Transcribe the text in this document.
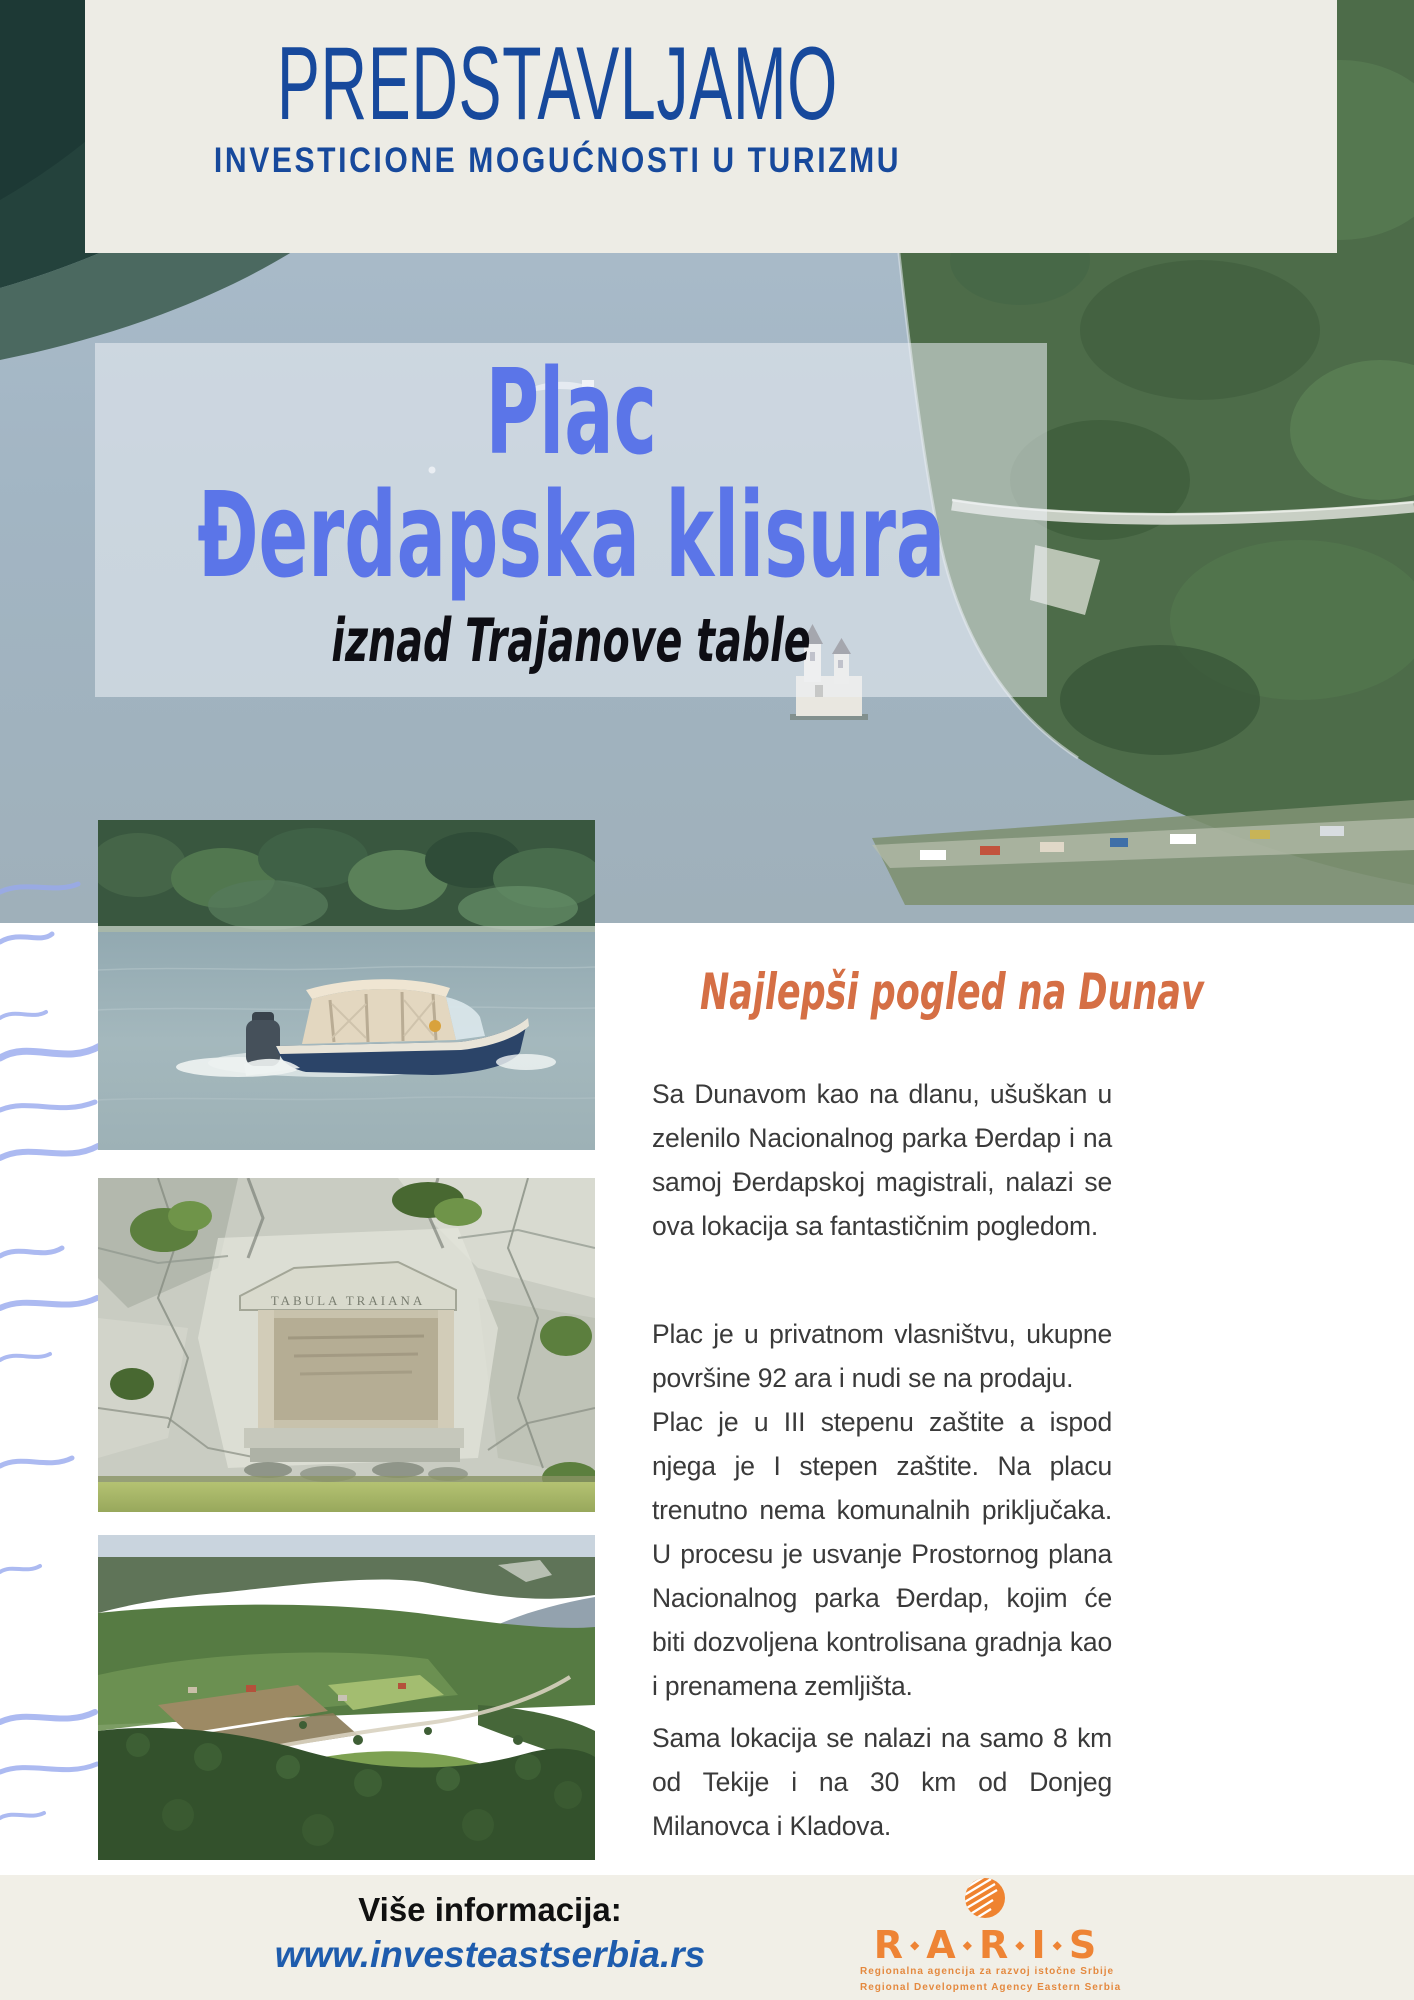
PREDSTAVLJAMO
INVESTICIONE MOGUĆNOSTI U TURIZMU
Plac
Đerdapska klisura
iznad Trajanove table
TABULA TRAIANA
Najlepši pogled na Dunav

Sa Dunavom kao na dlanu, ušuškan u zelenilo Nacionalnog parka Đerdap i na samoj Đerdapskoj magistrali, nalazi se ova lokacija sa fantastičnim pogledom.

Plac je u privatnom vlasništvu, ukupne površine 92 ara i nudi se na prodaju.

Plac je u III stepenu zaštite a ispod njega je I stepen zaštite. Na placu trenutno nema komunalnih priključaka. U procesu je usvanje Prostornog plana Nacionalnog parka Đerdap, kojim će biti dozvoljena kontrolisana gradnja kao i prenamena zemljišta.

Sama lokacija se nalazi na samo 8 km od Tekije i na 30 km od Donjeg Milanovca i Kladova.

Više informacija:
www.investeastserbia.rs	R ◆ A ◆ R ◆ I ◆ S
Regionalna agencija za razvoj istočne Srbije
Regional Development Agency Eastern Serbia
